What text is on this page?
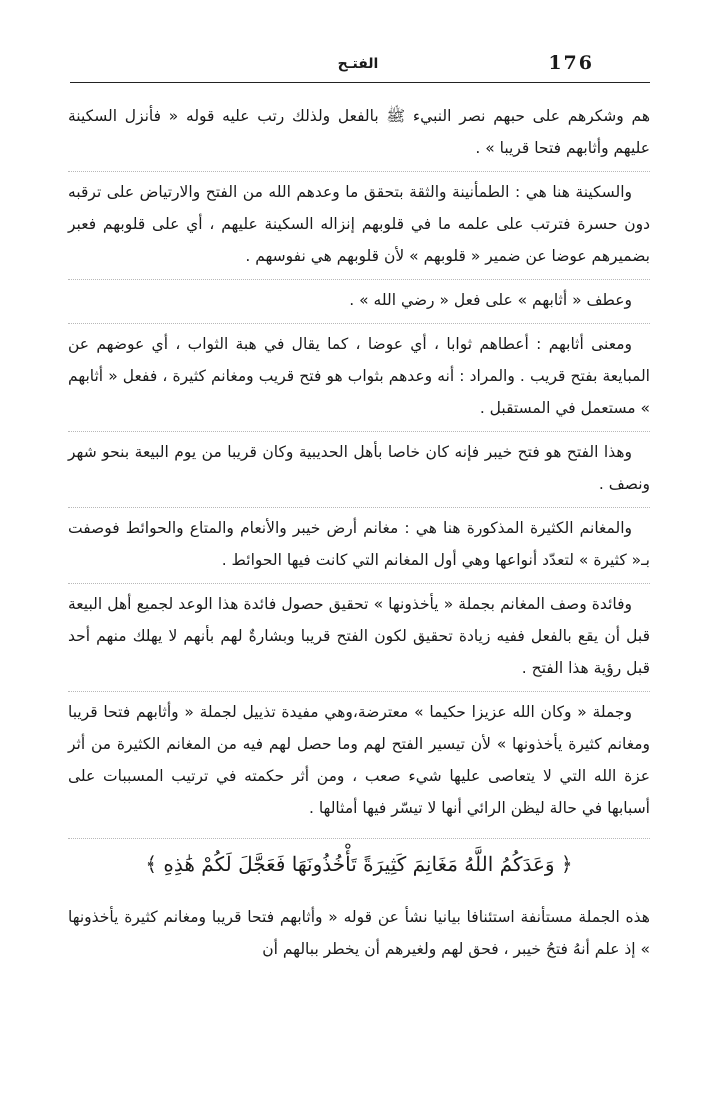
176
الفتـح

هم وشكرهم على حبهم نصر النبيء ﷺ بالفعل ولذلك رتب عليه قوله « فأنزل السكينة عليهم وأثابهم فتحا قريبا » .

والسكينة هنا هي : الطمأنينة والثقة بتحقق ما وعدهم الله من الفتح والارتياض على ترقبه دون حسرة فترتب على علمه ما في قلوبهم إنزاله السكينة عليهم ، أي على قلوبهم فعبر بضميرهم عوضا عن ضمير « قلوبهم » لأن قلوبهم هي نفوسهم .

وعطف « أثابهم » على فعل « رضي الله » .

ومعنى أثابهم : أعطاهم ثوابا ، أي عوضا ، كما يقال في هبة الثواب ، أي عوضهم عن المبايعة بفتح قريب . والمراد : أنه وعدهم بثواب هو فتح قريب ومغانم كثيرة ، ففعل « أثابهم » مستعمل في المستقبل .

وهذا الفتح هو فتح خيبر فإنه كان خاصا بأهل الحديبية وكان قريبا من يوم البيعة بنحو شهر ونصف .

والمغانم الكثيرة المذكورة هنا هي : مغانم أرض خيبر والأنعام والمتاع والحوائط فوصفت بـ« كثيرة » لتعدّد أنواعها وهي أول المغانم التي كانت فيها الحوائط .

وفائدة وصف المغانم بجملة « يأخذونها » تحقيق حصول فائدة هذا الوعد لجميع أهل البيعة قبل أن يقع بالفعل ففيه زيادة تحقيق لكون الفتح قريبا وبشارةٌ لهم بأنهم لا يهلك منهم أحد قبل رؤية هذا الفتح .

وجملة « وكان الله عزيزا حكيما » معترضة،وهي مفيدة تذييل لجملة « وأثابهم فتحا قريبا ومغانم كثيرة يأخذونها » لأن تيسير الفتح لهم وما حصل لهم فيه من المغانم الكثيرة من أثر عزة الله التي لا يتعاصى عليها شيء صعب ، ومن أثر حكمته في ترتيب المسببات على أسبابها في حالة ليظن الرائي أنها لا تيسّر فيها أمثالها .

﴿ وَعَدَكُمُ اللَّهُ مَغَانِمَ كَثِيرَةً تَأْخُذُونَهَا فَعَجَّلَ لَكُمْ هَٰذِهِ ﴾

هذه الجملة مستأنفة استئنافا بيانيا نشأ عن قوله « وأثابهم فتحا قريبا ومغانم كثيرة يأخذونها » إذ علم أنهُ فتحُ خيبر ، فحق لهم ولغيرهم أن يخطر ببالهم أن
